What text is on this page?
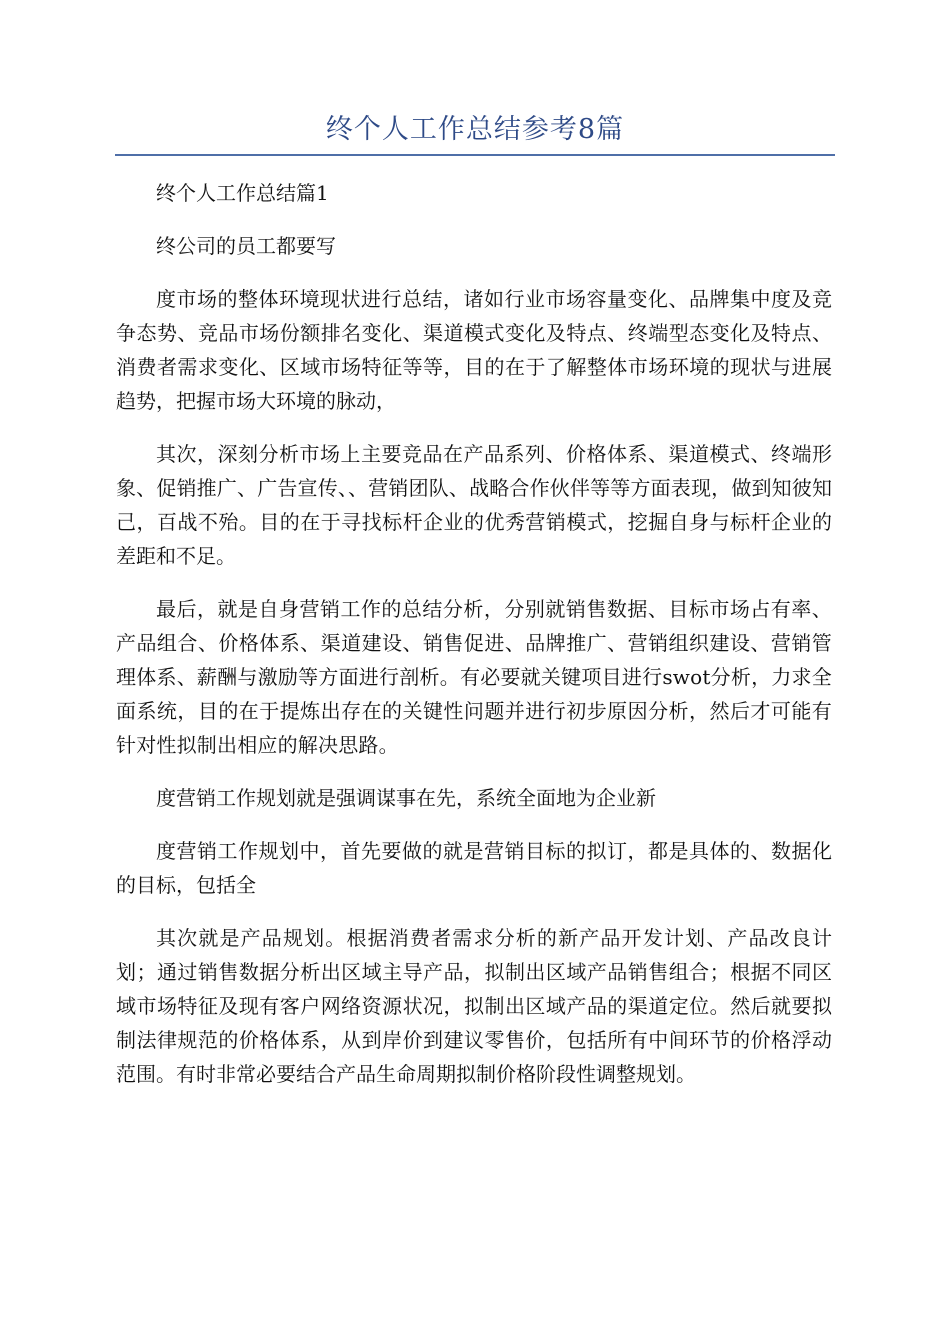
终个人工作总结参考8篇

终个人工作总结篇1

终公司的员工都要写

度市场的整体环境现状进行总结，诸如行业市场容量变化、品牌集中度及竞争态势、竞品市场份额排名变化、渠道模式变化及特点、终端型态变化及特点、消费者需求变化、区域市场特征等等，目的在于了解整体市场环境的现状与进展趋势，把握市场大环境的脉动，

其次，深刻分析市场上主要竞品在产品系列、价格体系、渠道模式、终端形象、促销推广、广告宣传、、营销团队、战略合作伙伴等等方面表现，做到知彼知己，百战不殆。目的在于寻找标杆企业的优秀营销模式，挖掘自身与标杆企业的差距和不足。

最后，就是自身营销工作的总结分析，分别就销售数据、目标市场占有率、产品组合、价格体系、渠道建设、销售促进、品牌推广、营销组织建设、营销管理体系、薪酬与激励等方面进行剖析。有必要就关键项目进行swot分析，力求全面系统，目的在于提炼出存在的关键性问题并进行初步原因分析，然后才可能有针对性拟制出相应的解决思路。

度营销工作规划就是强调谋事在先，系统全面地为企业新

度营销工作规划中，首先要做的就是营销目标的拟订，都是具体的、数据化的目标，包括全

其次就是产品规划。根据消费者需求分析的新产品开发计划、产品改良计划；通过销售数据分析出区域主导产品，拟制出区域产品销售组合；根据不同区域市场特征及现有客户网络资源状况，拟制出区域产品的渠道定位。然后就要拟制法律规范的价格体系，从到岸价到建议零售价，包括所有中间环节的价格浮动范围。有时非常必要结合产品生命周期拟制价格阶段性调整规划。
